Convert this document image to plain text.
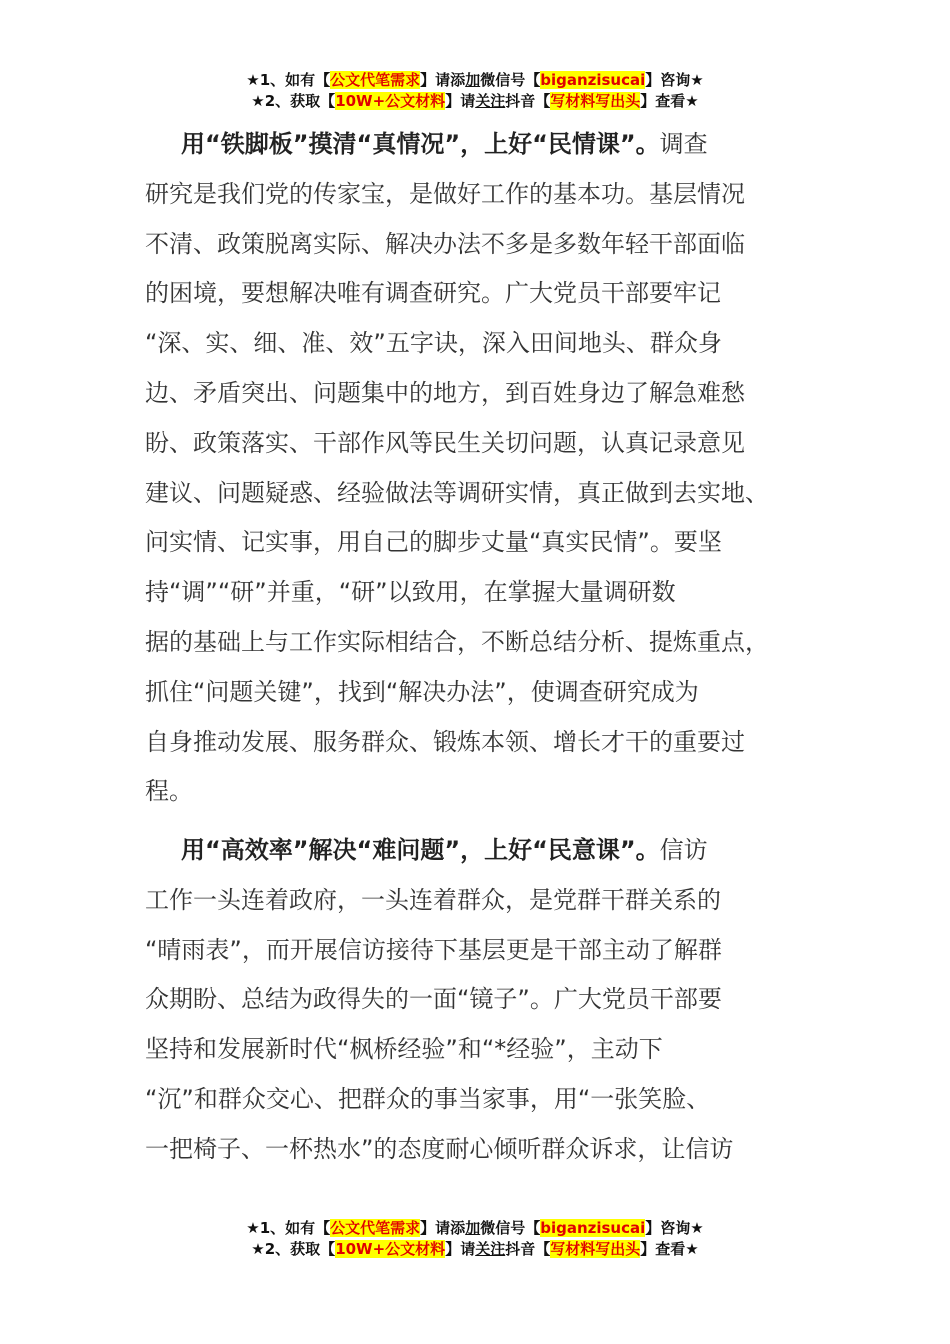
★1、如有【公文代笔需求】请添加微信号【biganzisucai】咨询★
★2、获取【10W+公文材料】请关注抖音【写材料写出头】查看★
用“铁脚板”摸清“真情况”，上好“民情课”。调查
研究是我们党的传家宝，是做好工作的基本功。基层情况
不清、政策脱离实际、解决办法不多是多数年轻干部面临
的困境，要想解决唯有调查研究。广大党员干部要牢记
“深、实、细、准、效”五字诀，深入田间地头、群众身
边、矛盾突出、问题集中的地方，到百姓身边了解急难愁
盼、政策落实、干部作风等民生关切问题，认真记录意见
建议、问题疑惑、经验做法等调研实情，真正做到去实地、
问实情、记实事，用自己的脚步丈量“真实民情”。要坚
持“调”“研”并重，“研”以致用，在掌握大量调研数
据的基础上与工作实际相结合，不断总结分析、提炼重点，
抓住“问题关键”，找到“解决办法”，使调查研究成为
自身推动发展、服务群众、锻炼本领、增长才干的重要过
程。
用“高效率”解决“难问题”，上好“民意课”。信访
工作一头连着政府，一头连着群众，是党群干群关系的
“晴雨表”，而开展信访接待下基层更是干部主动了解群
众期盼、总结为政得失的一面“镜子”。广大党员干部要
坚持和发展新时代“枫桥经验”和“*经验”，主动下
“沉”和群众交心、把群众的事当家事，用“一张笑脸、
一把椅子、一杯热水”的态度耐心倾听群众诉求，让信访
★1、如有【公文代笔需求】请添加微信号【biganzisucai】咨询★
★2、获取【10W+公文材料】请关注抖音【写材料写出头】查看★
